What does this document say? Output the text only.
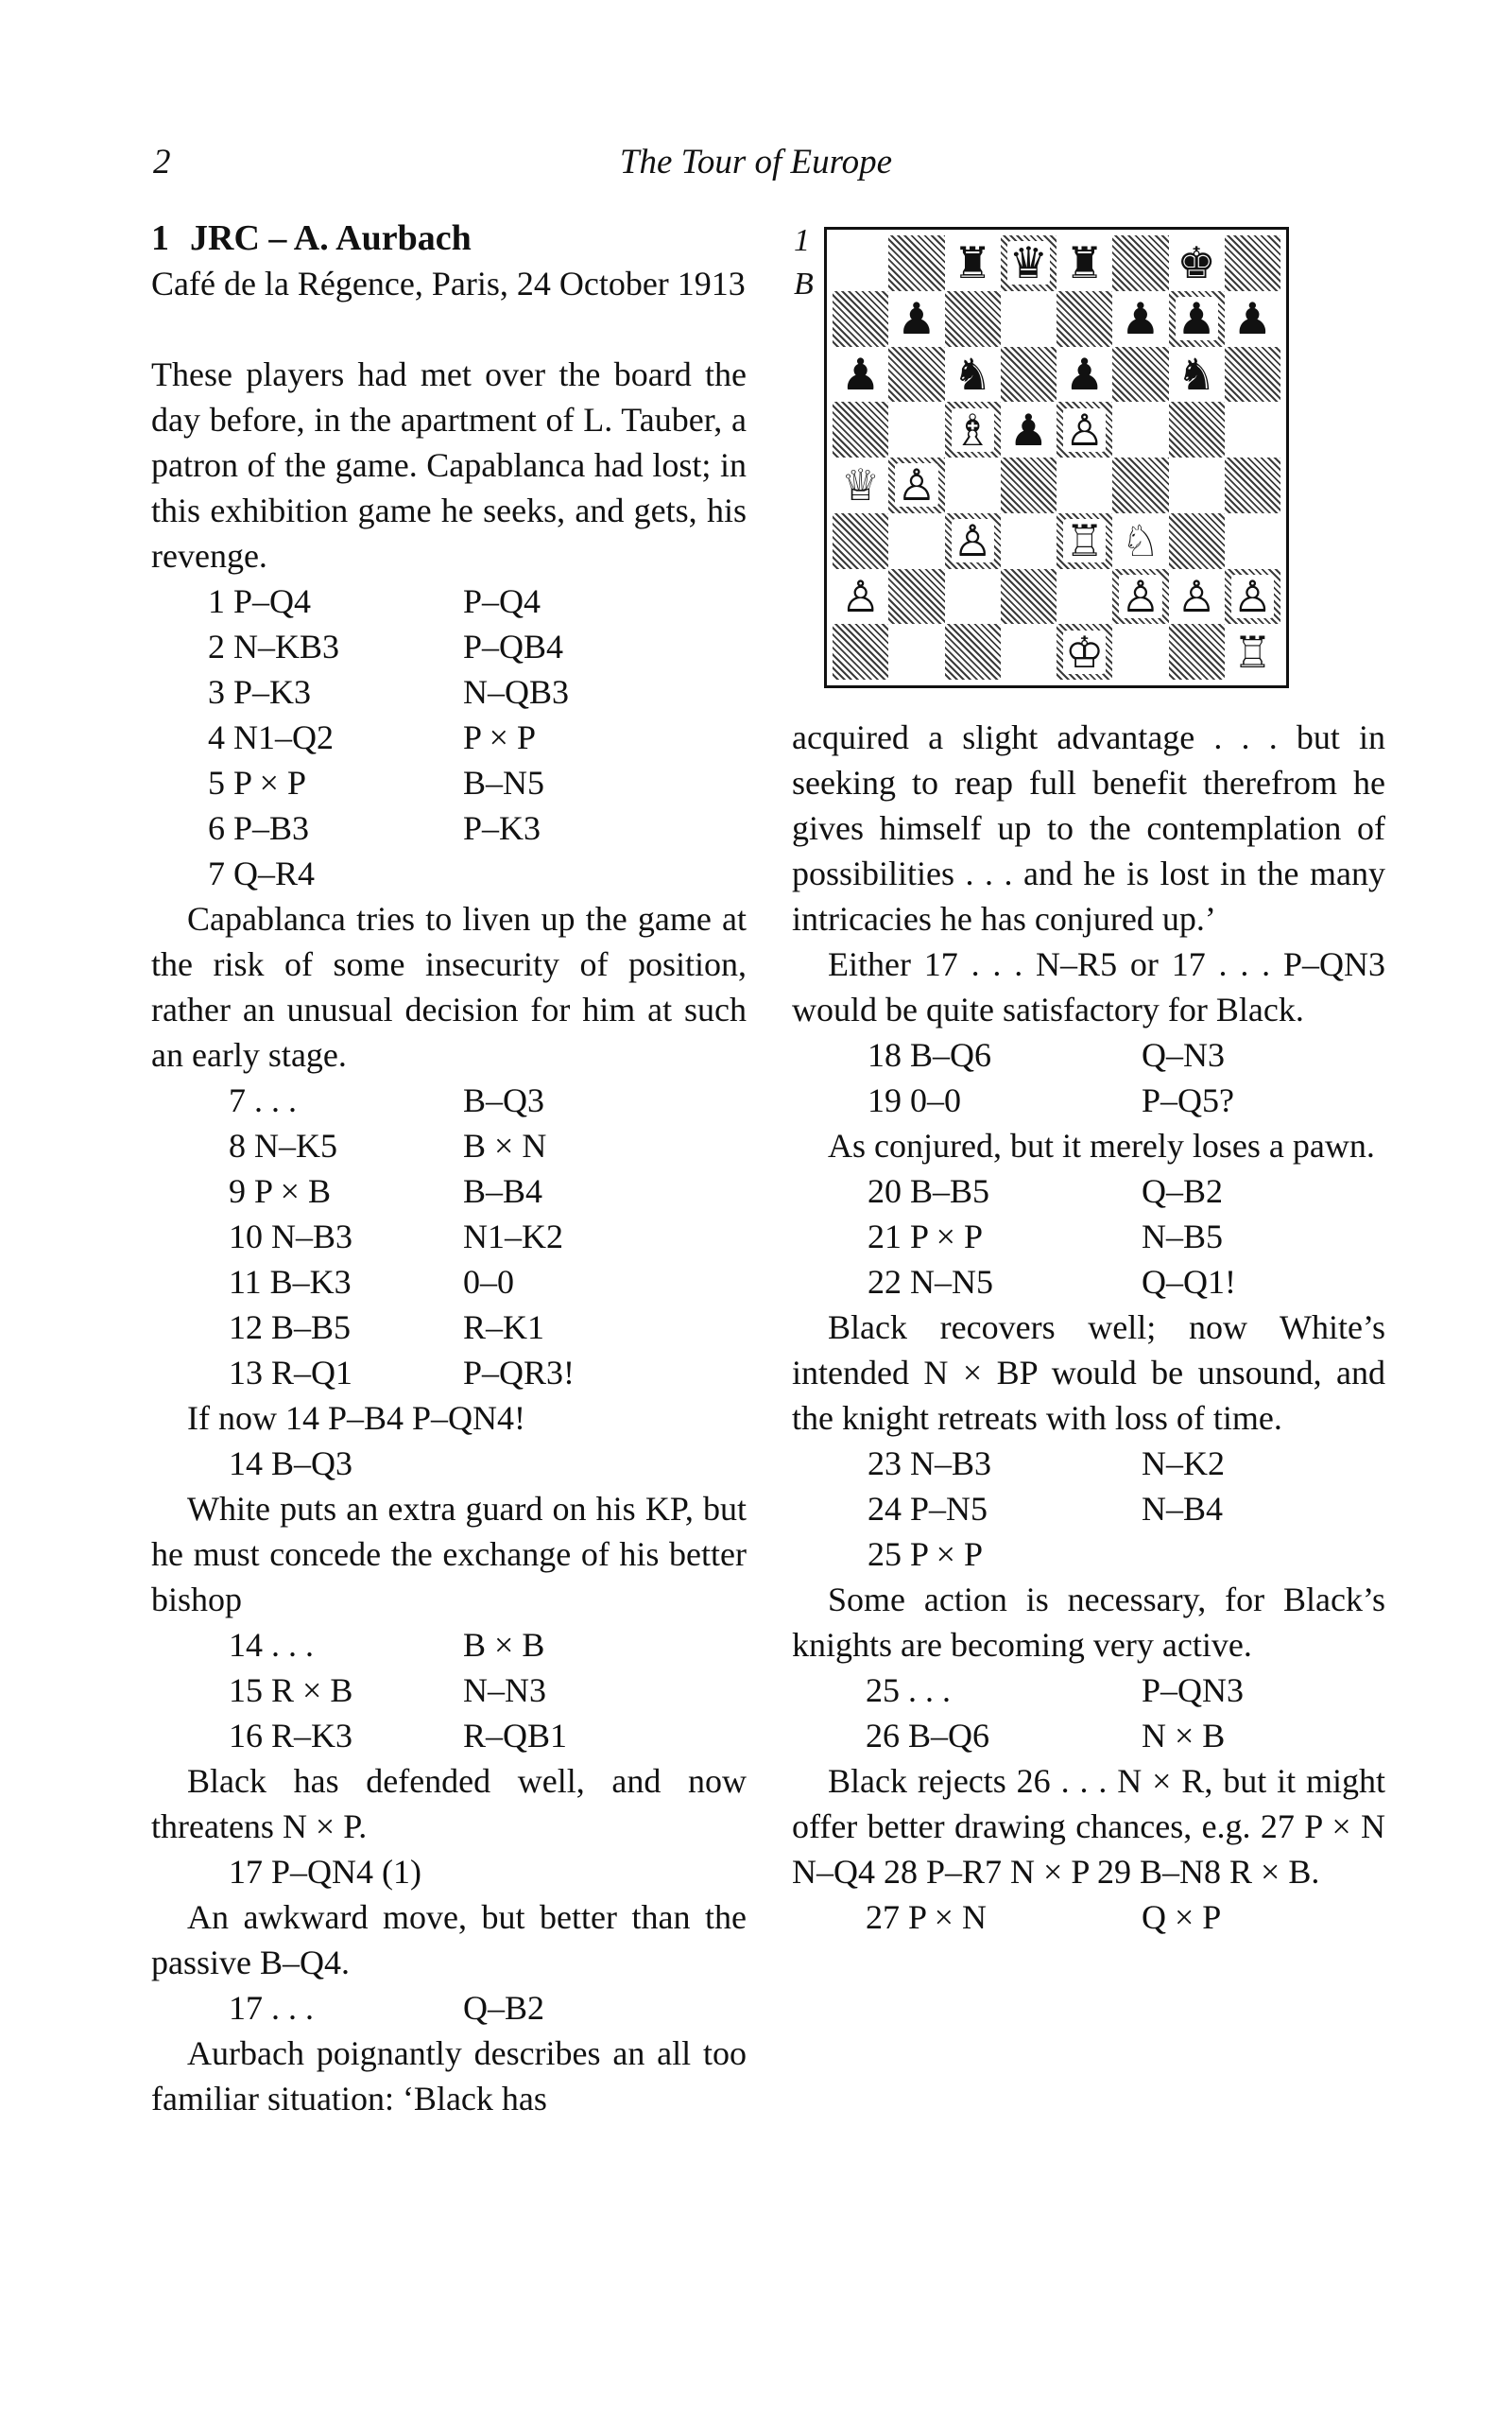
2	The Tour of Europe

1 JRC – A. Aurbach

Café de la Régence, Paris, 24 October 1913

These players had met over the board the day before, in the apartment of L. Tauber, a patron of the game. Capablanca had lost; in this exhibition game he seeks, and gets, his revenge.

1 P–Q4	P–Q4
2 N–KB3	P–QB4
3 P–K3	N–QB3
4 N1–Q2	P × P
5 P × P	B–N5
6 P–B3	P–K3
7 Q–R4

Capablanca tries to liven up the game at the risk of some insecurity of position, rather an unusual decision for him at such an early stage.

7 . . .	B–Q3
8 N–K5	B × N
9 P × B	B–B4
10 N–B3	N1–K2
11 B–K3	0–0
12 B–B5	R–K1
13 R–Q1	P–QR3!

If now 14 P–B4 P–QN4!

14 B–Q3

White puts an extra guard on his KP, but he must concede the exchange of his better bishop

14 . . .	B × B
15 R × B	N–N3
16 R–K3	R–QB1

Black has defended well, and now threatens N × P.

17 P–QN4 (1)

An awkward move, but better than the passive B–Q4.

17 . . .	Q–B2

Aurbach poignantly describes an all too familiar situation: ‘Black has

1
B	♜ ♛ ♜ ♚
♟	♟ ♟ ♟
♟ ♞ ♟ ♞
♗ ♟ ♙
♕ ♙
♙ ♖ ♘
♙	♙ ♙ ♙
♔	♖

acquired a slight advantage . . . but in seeking to reap full benefit therefrom he gives himself up to the contemplation of possibilities . . . and he is lost in the many intricacies he has conjured up.’

Either 17 . . . N–R5 or 17 . . . P–QN3 would be quite satisfactory for Black.

18 B–Q6	Q–N3
19 0–0	P–Q5?

As conjured, but it merely loses a pawn.

20 B–B5	Q–B2
21 P × P	N–B5
22 N–N5	Q–Q1!

Black recovers well; now White’s intended N × BP would be unsound, and the knight retreats with loss of time.

23 N–B3	N–K2
24 P–N5	N–B4
25 P × P

Some action is necessary, for Black’s knights are becoming very active.

25 . . .	P–QN3
26 B–Q6	N × B

Black rejects 26 . . . N × R, but it might offer better drawing chances, e.g. 27 P × N N–Q4 28 P–R7 N × P 29 B–N8 R × B.

27 P × N	Q × P
